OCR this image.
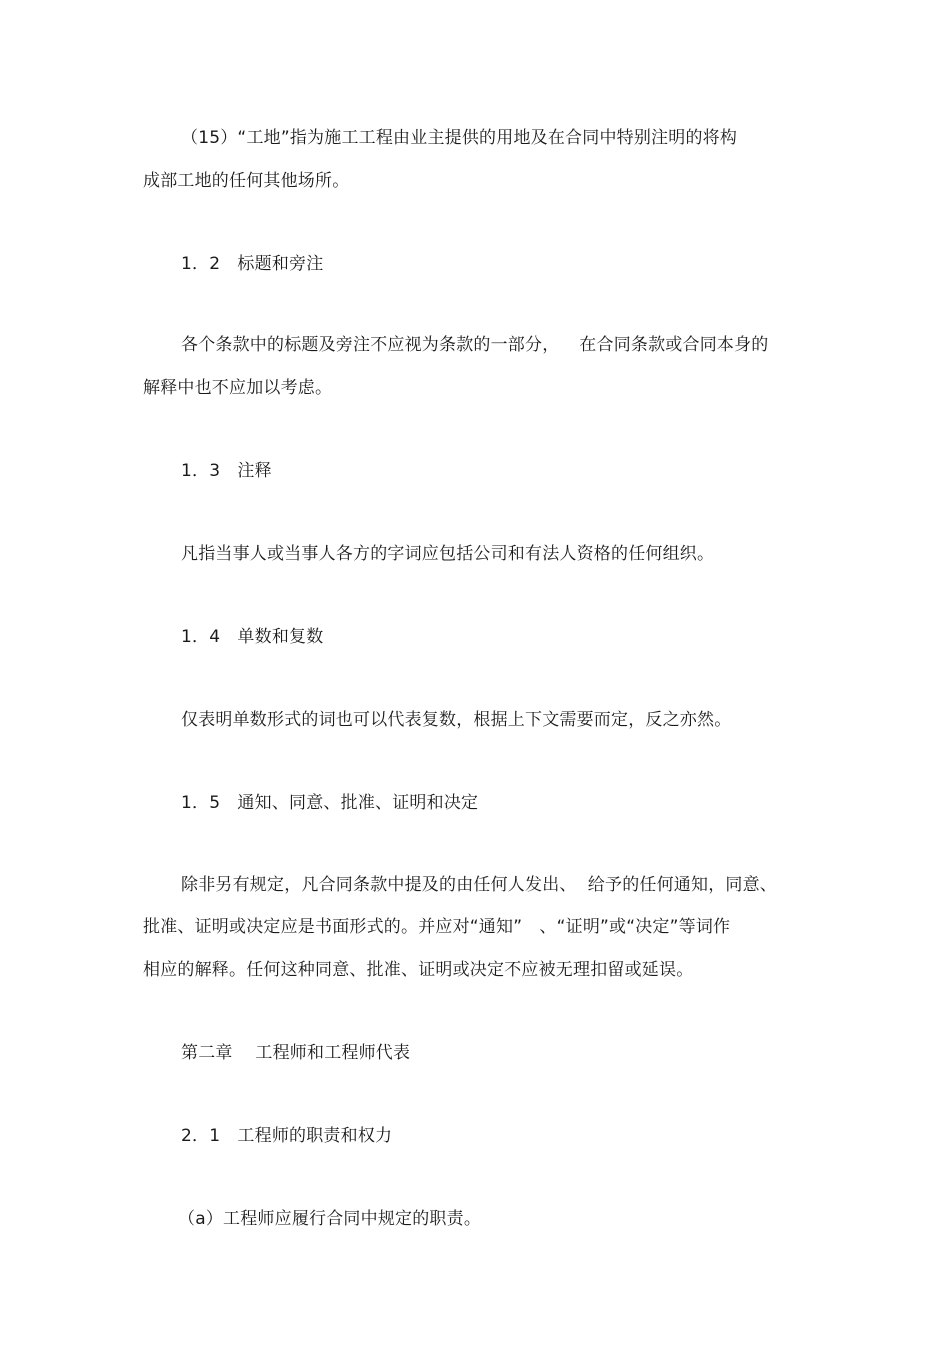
（15）“工地”指为施工工程由业主提供的用地及在合同中特别注明的将构
成部工地的任何其他场所。
1．2　标题和旁注
各个条款中的标题及旁注不应视为条款的一部分，　  在合同条款或合同本身的
解释中也不应加以考虑。
1．3　注释
凡指当事人或当事人各方的字词应包括公司和有法人资格的任何组织。
1．4　单数和复数
仅表明单数形式的词也可以代表复数，根据上下文需要而定，反之亦然。
1．5　通知、同意、批准、证明和决定
除非另有规定，凡合同条款中提及的由任何人发出、  给予的任何通知，同意、
批准、证明或决定应是书面形式的。并应对“通知”　、“证明”或“决定”等词作
相应的解释。任何这种同意、批准、证明或决定不应被无理扣留或延误。
第二章　 工程师和工程师代表
2．1　工程师的职责和权力
（a）工程师应履行合同中规定的职责。
